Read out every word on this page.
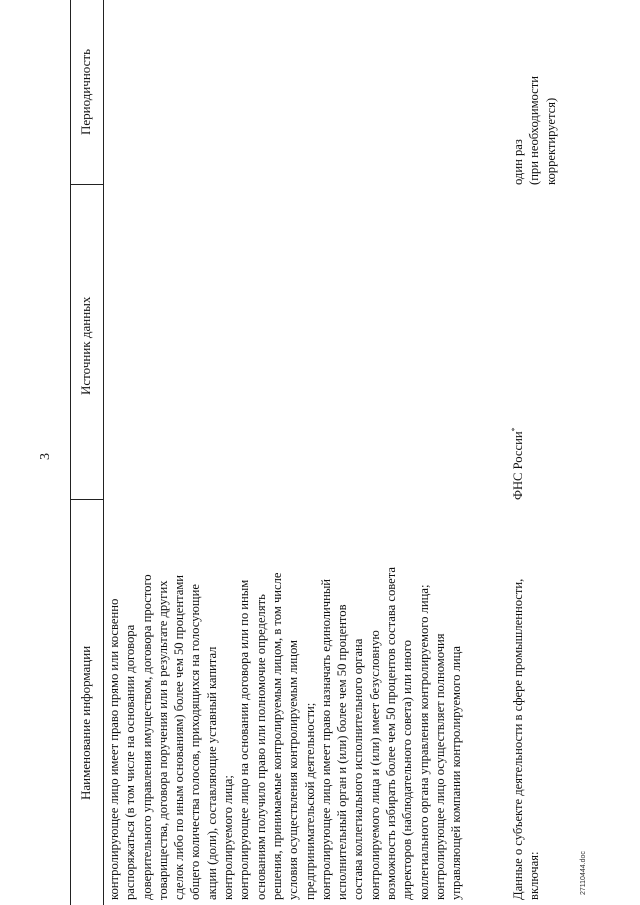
3
Наименование информации
Источник данных
Периодичность
контролирующее лицо имеет право прямо или косвенно распоряжаться (в том числе на основании договора доверительного управления имуществом, договора простого товарищества, договора поручения или в результате других сделок либо по иным основаниям) более чем 50 процентами общего количества голосов, приходящихся на голосующие акции (доли), составляющие уставный капитал контролируемого лица; контролирующее лицо на основании договора или по иным основаниям получило право или полномочие определять решения, принимаемые контролируемым лицом, в том числе условия осуществления контролируемым лицом предпринимательской деятельности; контролирующее лицо имеет право назначать единоличный исполнительный орган и (или) более чем 50 процентов состава коллегиального исполнительного органа контролируемого лица и (или) имеет безусловную возможность избирать более чем 50 процентов состава совета директоров (наблюдательного совета) или иного коллегиального органа управления контролируемого лица; контролирующее лицо осуществляет полномочия управляющей компании контролируемого лица	Данные о субъекте деятельности в сфере промышленности, включая:
ФНС России*
один раз (при необходимости корректируется)
27110444.doc
